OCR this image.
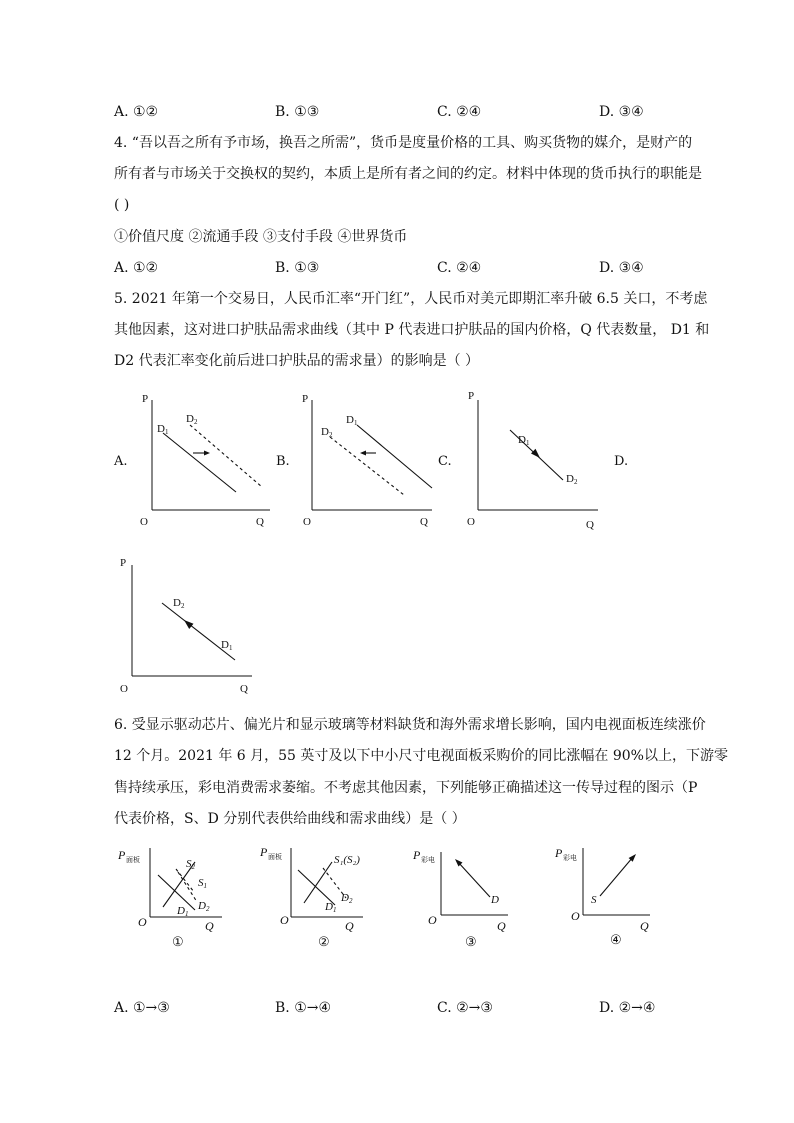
A. ①②	B. ①③	C. ②④	D. ③④
4. “吾以吾之所有予市场，换吾之所需”，货币是度量价格的工具、购买货物的媒介，是财产的
所有者与市场关于交换权的契约，本质上是所有者之间的约定。材料中体现的货币执行的职能是
( )
①价值尺度 ②流通手段 ③支付手段 ④世界货币
A. ①②	B. ①③	C. ②④	D. ③④
5. 2021 年第一个交易日，人民币汇率“开门红”，人民币对美元即期汇率升破 6.5 关口，不考虑
其他因素，这对进口护肤品需求曲线（其中 P 代表进口护肤品的国内价格，Q 代表数量， D1 和
D2 代表汇率变化前后进口护肤品的需求量）的影响是（ ）
A.	B.	C.	D.
P
O	Q
D1
D2
P
O	Q
D1
D2
P
O	Q
D1
D2
P
O	Q
D2
D1
6. 受显示驱动芯片、偏光片和显示玻璃等材料缺货和海外需求增长影响，国内电视面板连续涨价
12 个月。2021 年 6 月，55 英寸及以下中小尺寸电视面板采购价的同比涨幅在 90%以上，下游零
售持续承压，彩电消费需求萎缩。不考虑其他因素，下列能够正确描述这一传导过程的图示（P
代表价格，S、D 分别代表供给曲线和需求曲线）是（ ）
P 面板
O	Q
S2
S1
D1
D2
①
P 面板
O	Q
S₁(S₂)
D1
D2
②
P 彩电
O	Q
D
③
P 彩电
O
Q
S
④
A. ①→③	B. ①→④	C. ②→③	D. ②→④
